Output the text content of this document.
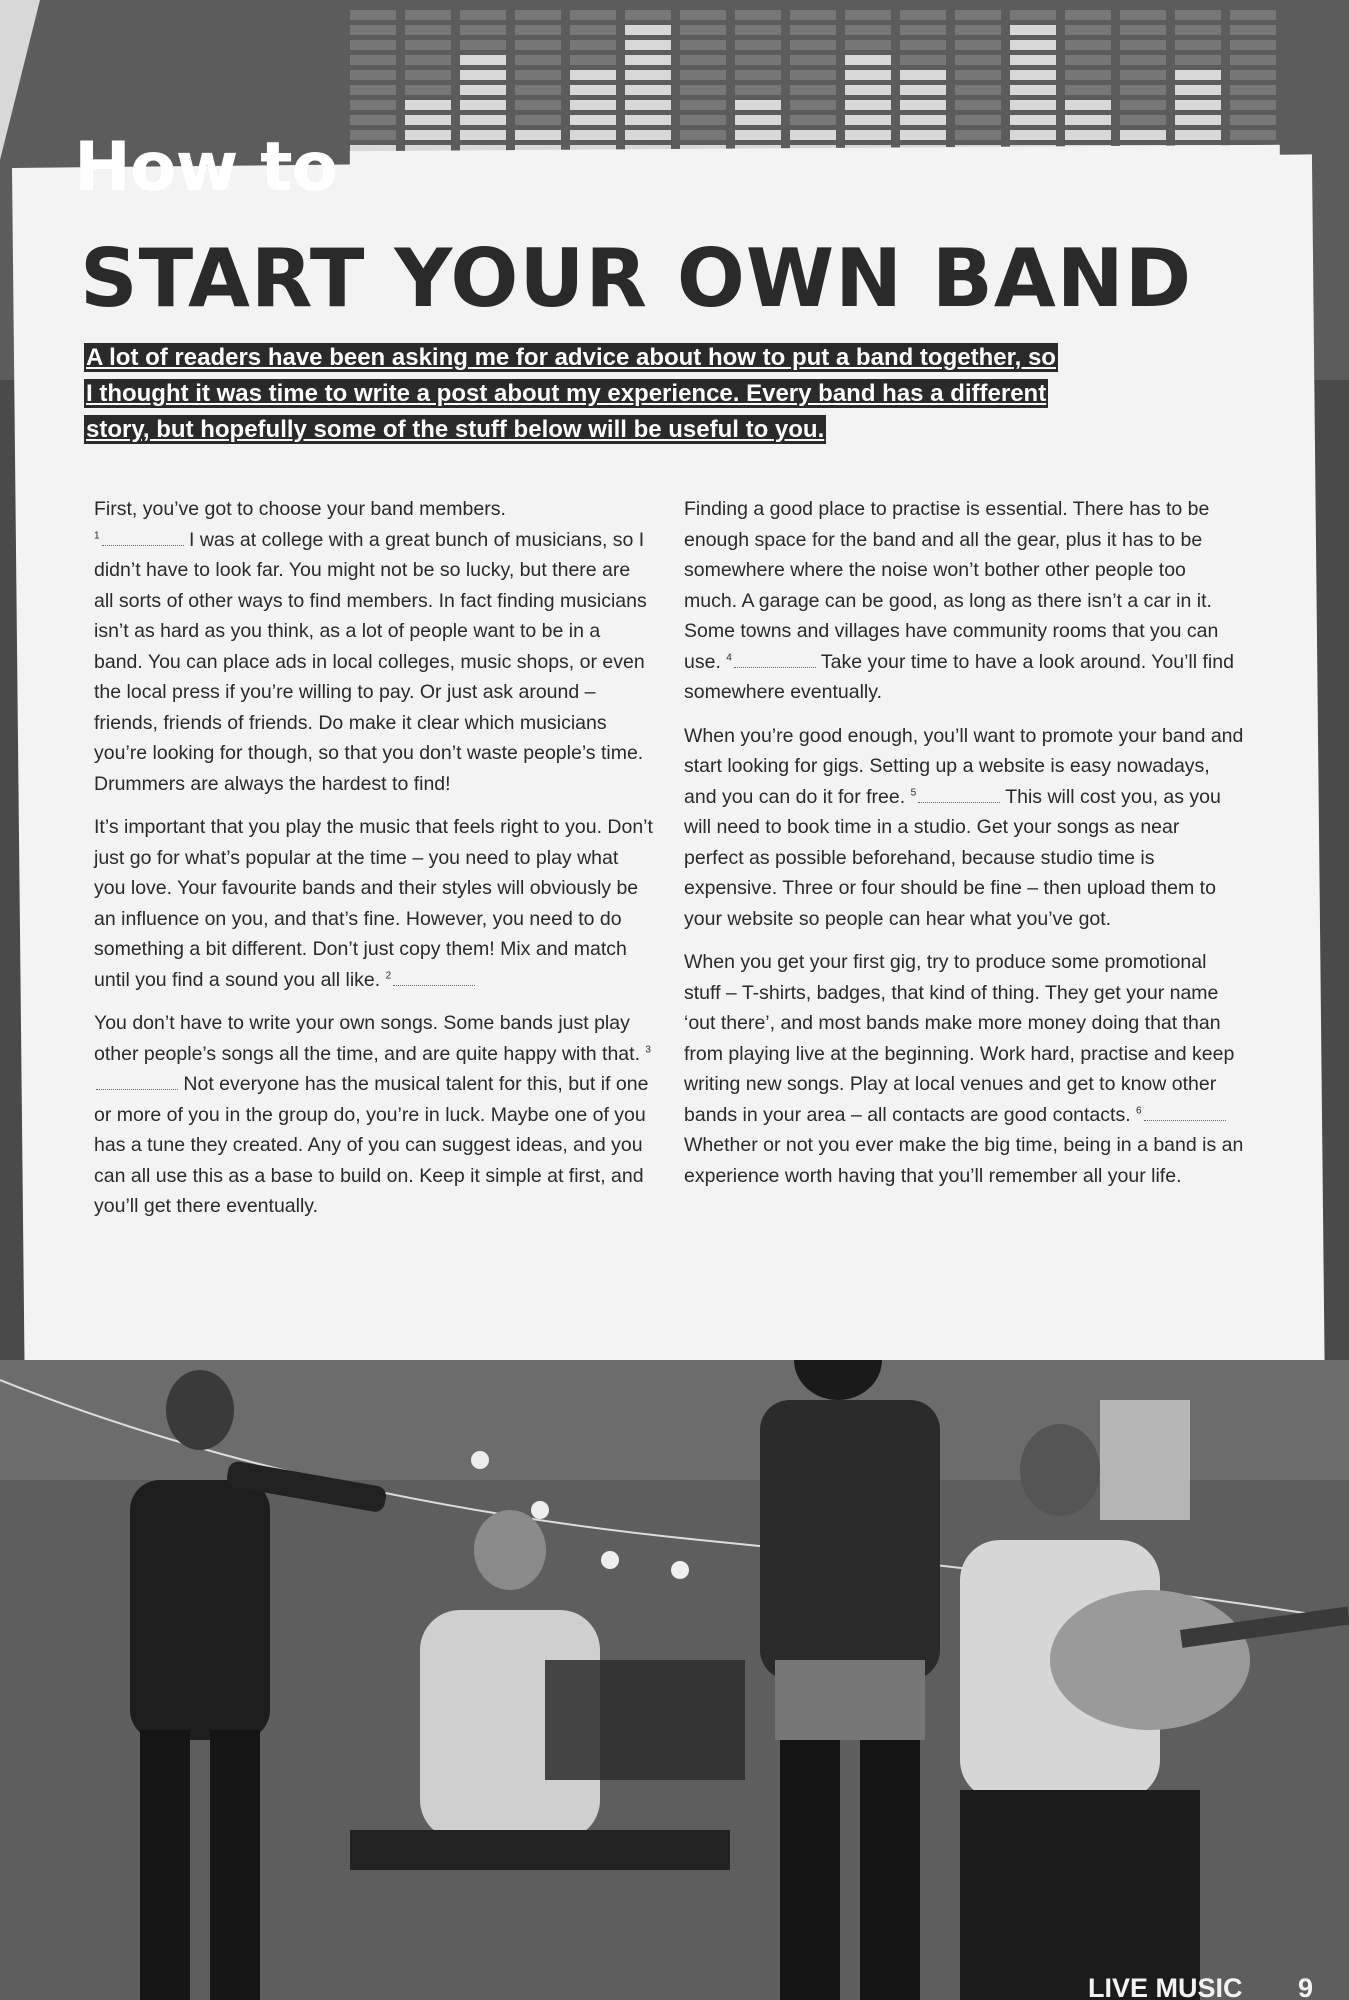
How to
START YOUR OWN BAND
A lot of readers have been asking me for advice about how to put a band together, so
I thought it was time to write a post about my experience. Every band has a different
story, but hopefully some of the stuff below will be useful to you.

First, you’ve got to choose your band members.
$^1$	I was at college with a great bunch of musicians, so I didn’t have to look far. You might not be so lucky, but there are all sorts of other ways to find members. In fact finding musicians isn’t as hard as you think, as a lot of people want to be in a band. You can place ads in local colleges, music shops, or even the local press if you’re willing to pay. Or just ask around – friends, friends of friends. Do make it clear which musicians you’re looking for though, so that you don’t waste people’s time. Drummers are always the hardest to find!

It’s important that you play the music that feels right to you. Don’t just go for what’s popular at the time – you need to play what you love. Your favourite bands and their styles will obviously be an influence on you, and that’s fine. However, you need to do something a bit different. Don’t just copy them! Mix and match until you find a sound you all like. $^2$

You don’t have to write your own songs. Some bands just play other people’s songs all the time, and are quite happy with that. $^3$ Not everyone has the musical talent for this, but if one or more of you in the group do, you’re in luck. Maybe one of you has a tune they created. Any of you can suggest ideas, and you can all use this as a base to build on. Keep it simple at first, and you’ll get there eventually.

Finding a good place to practise is essential. There has to be enough space for the band and all the gear, plus it has to be somewhere where the noise won’t bother other people too much. A garage can be good, as long as there isn’t a car in it. Some towns and villages have community rooms that you can use. $^4$	Take your time to have a look around. You’ll find somewhere eventually.

When you’re good enough, you’ll want to promote your band and start looking for gigs. Setting up a website is easy nowadays, and you can do it for free. $^5$	This will cost you, as you will need to book time in a studio. Get your songs as near perfect as possible beforehand, because studio time is expensive. Three or four should be fine – then upload them to your website so people can hear what you’ve got.

When you get your first gig, try to produce some promotional stuff – T-shirts, badges, that kind of thing. They get your name ‘out there’, and most bands make more money doing that than from playing live at the beginning. Work hard, practise and keep writing new songs. Play at local venues and get to know other bands in your area – all contacts are good contacts. $^6$ Whether or not you ever make the big time, being in a band is an experience worth having that you’ll remember all your life.

LIVE MUSIC 9
